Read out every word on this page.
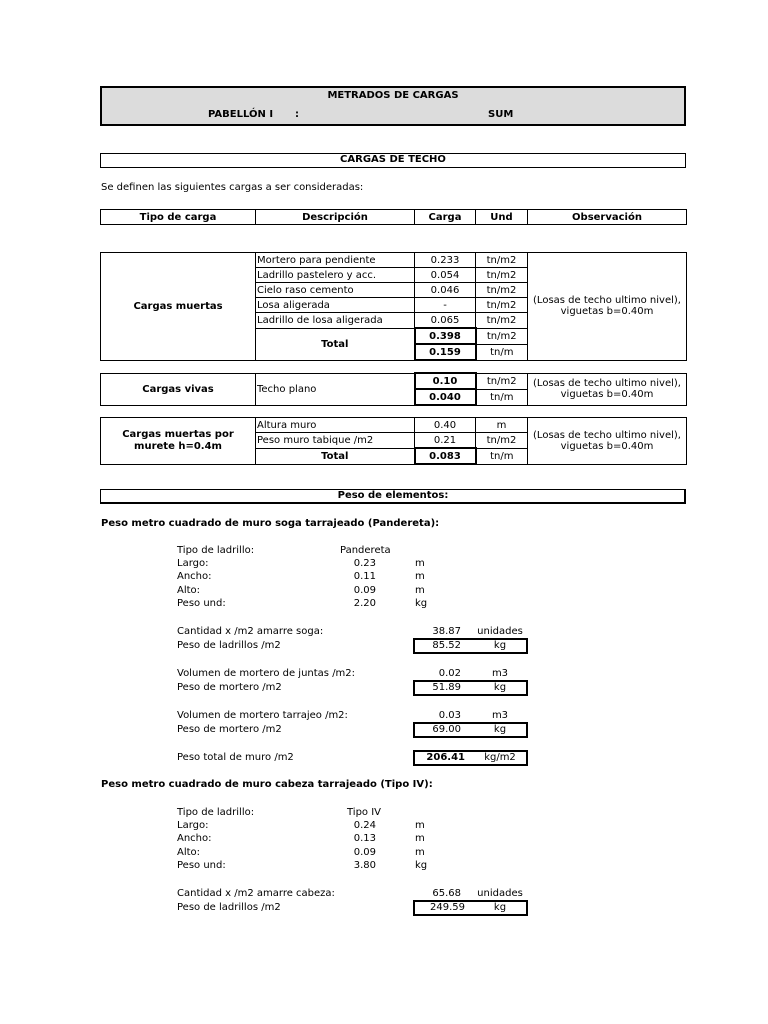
METRADOS DE CARGAS
PABELLÓN I :	SUM
CARGAS DE TECHO
Se definen las siguientes cargas a ser consideradas:
Tipo de carga	Descripción	Carga	Und	Observación
Cargas muertas	Mortero para pendiente	0.233	tn/m2	(Losas de techo ultimo nivel),
viguetas b=0.40m
	Ladrillo pastelero y acc.	0.054	tn/m2	
	Cielo raso cemento	0.046	tn/m2	
	Losa aligerada	-	tn/m2	
	Ladrillo de losa aligerada	0.065	tn/m2	
	Total	0.398	tn/m2	
		0.159	tn/m	
Cargas vivas	Techo plano	0.10	tn/m2	(Losas de techo ultimo nivel),
viguetas b=0.40m
		0.040	tn/m	
Cargas muertas por
murete h=0.4m	Altura muro	0.40	m	(Losas de techo ultimo nivel),
viguetas b=0.40m
	Peso muro tabique /m2	0.21	tn/m2	
	Total	0.083	tn/m	
Peso de elementos:
Peso metro cuadrado de muro soga tarrajeado (Pandereta):
Tipo de ladrillo:	Pandereta
Largo:	0.23	m
Ancho:	0.11	m
Alto:	0.09	m
Peso und:	2.20	kg
Cantidad x /m2 amarre soga:	38.87	unidades
Peso de ladrillos /m2	85.52	kg
Volumen de mortero de juntas /m2:	0.02	m3
Peso de mortero /m2	51.89	kg
Volumen de mortero tarrajeo /m2:	0.03	m3
Peso de mortero /m2	69.00	kg
Peso total de muro /m2	206.41	kg/m2
Peso metro cuadrado de muro cabeza tarrajeado (Tipo IV):
Tipo de ladrillo:	Tipo IV
Largo:	0.24	m
Ancho:	0.13	m
Alto:	0.09	m
Peso und:	3.80	kg
Cantidad x /m2 amarre cabeza:	65.68	unidades
Peso de ladrillos /m2	249.59	kg
